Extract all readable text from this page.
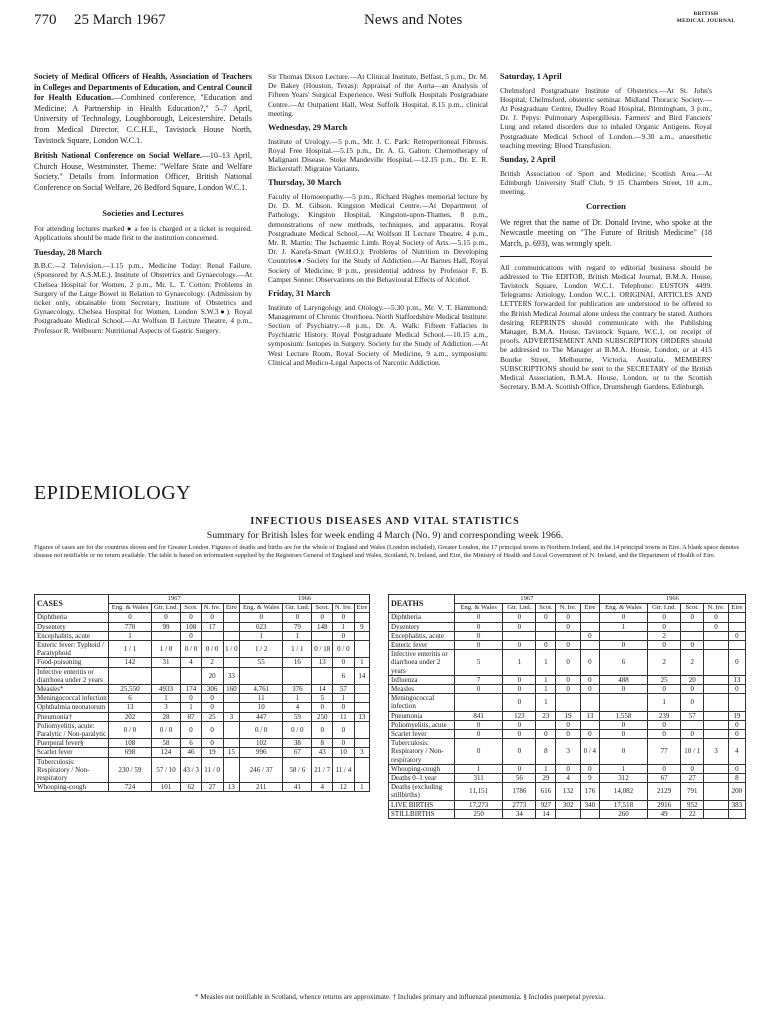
770 25 March 1967	News and Notes	BRITISH
MEDICAL JOURNAL

Society of Medical Officers of Health, Association of Teachers in Colleges and Departments of Education, and Central Council for Health Education.—Combined conference, "Education and Medicine; A Partnership in Health Education?," 5–7 April, University of Technology, Loughborough, Leicestershire. Details from Medical Director, C.C.H.E., Tavistock House North, Tavistock Square, London W.C.1.

British National Conference on Social Welfare.—10–13 April, Church House, Westminster. Theme: "Welfare State and Welfare Society." Details from Information Officer, British National Conference on Social Welfare, 26 Bedford Square, London W.C.1.

Societies and Lectures

For attending lectures marked ● a fee is charged or a ticket is required. Applications should be made first to the institution concerned.

Tuesday, 28 March

B.B.C.—2 Television.—1.15 p.m., Medicine Today: Renal Failure. (Sponsored by A.S.M.E.). Institute of Obstetrics and Gynaecology.—At Chelsea Hospital for Women, 2 p.m., Mr. L. T. Cotton: Problems in Surgery of the Large Bowel in Relation to Gynaecology. (Admission by ticket only, obtainable from Secretary, Institute of Obstetrics and Gynaecology, Chelsea Hospital for Women, London S.W.3●). Royal Postgraduate Medical School.—At Wolfson II Lecture Theatre, 4 p.m., Professor R. Welbourn: Nutritional Aspects of Gastric Surgery.

Sir Thomas Dixon Lecture.—At Clinical Institute, Belfast, 5 p.m., Dr. M. De Bakey (Houston, Texas): Appraisal of the Aorta—an Analysis of Fifteen Years' Surgical Experience. West Suffolk Hospitals Postgraduate Centre.—At Outpatient Hall, West Suffolk Hospital, 8.15 p.m., clinical meeting.

Wednesday, 29 March

Institute of Urology.—5 p.m., Mr. J. C. Park: Retroperitoneal Fibrosis. Royal Free Hospital.—5.15 p.m., Dr. A. G. Galton: Chemotherapy of Malignant Disease. Stoke Mandeville Hospital.—12.15 p.m., Dr. E. R. Bickerstaff: Migraine Variants.

Thursday, 30 March

Faculty of Homoeopathy.—5 p.m., Richard Hughes memorial lecture by Dr. D. M. Gibson. Kingston Medical Centre.—At Department of Pathology, Kingston Hospital, Kingston-upon-Thames, 8 p.m., demonstrations of new methods, techniques, and apparatus. Royal Postgraduate Medical School.—At Wolfson II Lecture Theatre, 4 p.m., Mr. R. Martin: The Ischaemic Limb. Royal Society of Arts.—5.15 p.m., Dr. J. Karefa-Smart (W.H.O.): Problems of Nutrition in Developing Countries●. Society for the Study of Addiction.—At Barnes Hall, Royal Society of Medicine, 8 p.m., presidential address by Professor F. B. Camper Sonne: Observations on the Behavioural Effects of Alcohol.

Friday, 31 March

Institute of Laryngology and Otology.—5.30 p.m., Mr. V. T. Hammond: Management of Chronic Otorrhoea. North Staffordshire Medical Institute: Section of Psychiatry.—8 p.m., Dr. A. Walk: Fifteen Fallacies in Psychiatric History. Royal Postgraduate Medical School.—10.15 a.m., symposium: Isotopes in Surgery. Society for the Study of Addiction.—At West Lecture Room, Royal Society of Medicine, 9 a.m., symposium: Clinical and Medico-Legal Aspects of Narcotic Addiction.

Saturday, 1 April

Chelmsford Postgraduate Institute of Obstetrics.—At St. John's Hospital, Chelmsford, obstetric seminar. Midland Thoracic Society.—At Postgraduate Centre, Dudley Road Hospital, Birmingham, 3 p.m., Dr. J. Pepys: Pulmonary Aspergillosis. Farmers' and Bird Fanciers' Lung and related disorders due to inhaled Organic Antigens. Royal Postgraduate Medical School of London.—9.30 a.m., anaesthetic teaching meeting: Blood Transfusion.

Sunday, 2 April

British Association of Sport and Medicine; Scottish Area.—At Edinburgh University Staff Club, 9 15 Chambers Street, 10 a.m., meeting.

Correction

We regret that the name of Dr. Donald Irvine, who spoke at the Newcastle meeting on "The Future of British Medicine" (18 March, p. 693), was wrongly spelt.

All communications with regard to editorial business should be addressed to The EDITOR, British Medical Journal, B.M.A. House, Tavistock Square, London W.C.1. Telephone: EUSTON 4499. Telegrams: Aitiology, London W.C.1. ORIGINAL ARTICLES AND LETTERS forwarded for publication are understood to be offered to the British Medical Journal alone unless the contrary be stated. Authors desiring REPRINTS should communicate with the Publishing Manager, B.M.A. House, Tavistock Square, W.C.1, on receipt of proofs. ADVERTISEMENT AND SUBSCRIPTION ORDERS should be addressed to The Manager at B.M.A. House, London, or at 415 Bourke Street, Melbourne, Victoria, Australia. MEMBERS' SUBSCRIPTIONS should be sent to the SECRETARY of the British Medical Association, B.M.A. House, London, or to the Scottish Secretary, B.M.A. Scottish Office, Drumsheugh Gardens, Edinburgh.

EPIDEMIOLOGY
INFECTIOUS DISEASES AND VITAL STATISTICS
Summary for British Isles for week ending 4 March (No. 9) and corresponding week 1966.
Figures of cases are for the countries shown and for Greater London. Figures of deaths and births are for the whole of England and Wales (London included), Greater London, the 17 principal towns in Northern Ireland, and the 14 principal towns in Eire. A blank space denotes disease not notifiable or no return available. The table is based on information supplied by the Registrars General of England and Wales, Scotland, N. Ireland, and Eire, the Ministry of Health and Local Government of N. Ireland, and the Department of Health of Eire.
CASES	1967					1966				
	Eng. & Wales	Gtr. Lnd.	Scot.	N. Ire.	Eire	Eng. & Wales	Gtr. Lnd.	Scot.	N. Ire.	Eire
Diphtheria	0	0	0	0		0	0	0	0	
Dysentery	770	99	108	17		623	79	148	1	9
Encephalitis, acute	1		0			1	1		0	
Enteric fever: Typhoid / Paratyphoid	1 / 1	1 / 0	0 / 0	0 / 0	1 / 0	1 / 2	1 / 1	0 / 18	0 / 0	
Food-poisoning	142	31	4	2		55	16	13	0	1
Infective enteritis or diarrhoea under 2 years				20	33				6	14
Measles*	25,550	4933	174	306	160	4,761	376	14	57	
Meningococcal infection	6	1	0	0		11	1	5	1	
Ophthalmia neonatorum	13	3	1	0		10	4	0	0	
Pneumonia†	202	28	87	25	3	447	59	250	11	13
Poliomyelitis, acute: Paralytic / Non-paralytic	0 / 0	0 / 0	0	0		0 / 0	0 / 0	0	0	
Puerperal fever§	108	58	6	0		102	38	8	0	
Scarlet fever	698	124	46	19	15	996	67	43	10	3
Tuberculosis: Respiratory / Non-respiratory	230 / 59	57 / 10	43 / 3	11 / 0		246 / 37	58 / 6	21 / 7	11 / 4	
Whooping-cough	724	101	62	27	13	211	41	4	12	1
DEATHS	1967					1966				
	Eng. & Wales	Gtr. Lnd.	Scot.	N. Ire.	Eire	Eng. & Wales	Gtr. Lnd.	Scot.	N. Ire.	Eire
Diphtheria	0	0	0	0		0	0	0	0	
Dysentery	0	0		0		1	0		0	
Encephalitis, acute	0				0		2			0
Enteric fever	0	0	0	0		0	0	0		
Infective enteritis or diarrhoea under 2 years	5	1	1	0	0	6	2	2		0
Influenza	7	0	1	0	0	488	25	20		13
Measles	0	0	1	0	0	0	0	0		0
Meningococcal infection		0	1				1	0		
Pneumonia	841	123	23	19	13	1,558	239	57		19
Poliomyelitis, acute	0	0		0		0	0			0
Scarlet fever	0	0	0	0	0	0	0	0		0
Tuberculosis: Respiratory / Non-respiratory	0	0	8	3	0 / 4	0	77	10 / 1	3	4
Whooping-cough	1	0	1	0	0	1	0	0		0
Deaths 0–1 year	311	56	29	4	9	312	67	27		8
Deaths (excluding stillbirths)	11,151	1786	616	132	176	14,082	2129	791		200
LIVE BIRTHS	17,273	2773	927	302	340	17,518	2916	952		383
STILLBIRTHS	250	34	14			260	49	22		
* Measles not notifiable in Scotland, whence returns are approximate. † Includes primary and influenzal pneumonia. § Includes puerperal pyrexia.
